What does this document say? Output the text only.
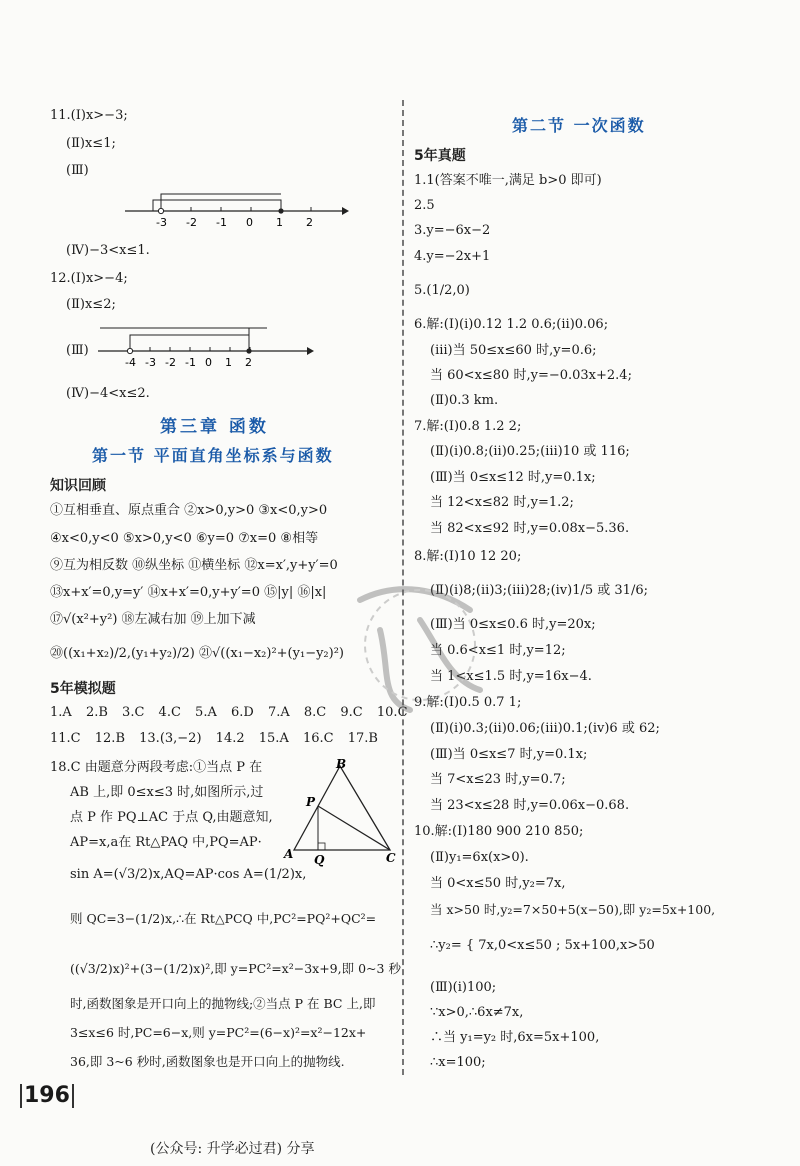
11.(Ⅰ)x>−3;
(Ⅱ)x≤1;
(Ⅲ)
-3 -2 -1 0 1 2
(Ⅳ)−3<x≤1.
12.(Ⅰ)x>−4;
(Ⅱ)x≤2;
(Ⅲ)
-4 -3 -2 -1 0 1 2
(Ⅳ)−4<x≤2.
第三章 函数
第一节 平面直角坐标系与函数
知识回顾
①互相垂直、原点重合 ②x>0,y>0 ③x<0,y>0
④x<0,y<0 ⑤x>0,y<0 ⑥y=0 ⑦x=0 ⑧相等
⑨互为相反数 ⑩纵坐标 ⑪横坐标 ⑫x=x′,y+y′=0
⑬x+x′=0,y=y′ ⑭x+x′=0,y+y′=0 ⑮|y| ⑯|x|
⑰√(x²+y²) ⑱左减右加 ⑲上加下减
⑳((x₁+x₂)/2,(y₁+y₂)/2) ㉑√((x₁−x₂)²+(y₁−y₂)²)
5年模拟题
1.A 2.B 3.C 4.C 5.A 6.D 7.A 8.C 9.C 10.C
11.C 12.B 13.(3,−2) 14.2 15.A 16.C 17.B
18.C 由题意分两段考虑:①当点 P 在
AB 上,即 0≤x≤3 时,如图所示,过
点 P 作 PQ⊥AC 于点 Q,由题意知,
AP=x,a在 Rt△PAQ 中,PQ=AP·
sin A=(√3/2)x,AQ=AP·cos A=(1/2)x,
则 QC=3−(1/2)x,∴在 Rt△PCQ 中,PC²=PQ²+QC²=
((√3/2)x)²+(3−(1/2)x)²,即 y=PC²=x²−3x+9,即 0~3 秒
时,函数图象是开口向上的抛物线;②当点 P 在 BC 上,即
3≤x≤6 时,PC=6−x,则 y=PC²=(6−x)²=x²−12x+
36,即 3~6 秒时,函数图象也是开口向上的抛物线.
A
B
C
P
Q
第二节 一次函数
5年真题
1.1(答案不唯一,满足 b>0 即可)
2.5
3.y=−6x−2
4.y=−2x+1
5.(1/2,0)
6.解:(Ⅰ)(ⅰ)0.12 1.2 0.6;(ⅱ)0.06;
(ⅲ)当 50≤x≤60 时,y=0.6;
当 60<x≤80 时,y=−0.03x+2.4;
(Ⅱ)0.3 km.
7.解:(Ⅰ)0.8 1.2 2;
(Ⅱ)(ⅰ)0.8;(ⅱ)0.25;(ⅲ)10 或 116;
(Ⅲ)当 0≤x≤12 时,y=0.1x;
当 12<x≤82 时,y=1.2;
当 82<x≤92 时,y=0.08x−5.36.
8.解:(Ⅰ)10 12 20;
(Ⅱ)(ⅰ)8;(ⅱ)3;(ⅲ)28;(ⅳ)1/5 或 31/6;
(Ⅲ)当 0≤x≤0.6 时,y=20x;
当 0.6<x≤1 时,y=12;
当 1<x≤1.5 时,y=16x−4.
9.解:(Ⅰ)0.5 0.7 1;
(Ⅱ)(ⅰ)0.3;(ⅱ)0.06;(ⅲ)0.1;(ⅳ)6 或 62;
(Ⅲ)当 0≤x≤7 时,y=0.1x;
当 7<x≤23 时,y=0.7;
当 23<x≤28 时,y=0.06x−0.68.
10.解:(Ⅰ)180 900 210 850;
(Ⅱ)y₁=6x(x>0).
当 0<x≤50 时,y₂=7x,
当 x>50 时,y₂=7×50+5(x−50),即 y₂=5x+100,
∴y₂= { 7x,0<x≤50 ; 5x+100,x>50
(Ⅲ)(ⅰ)100;
∵x>0,∴6x≠7x,
∴当 y₁=y₂ 时,6x=5x+100,
∴x=100;
196
(公众号: 升学必过君) 分享
